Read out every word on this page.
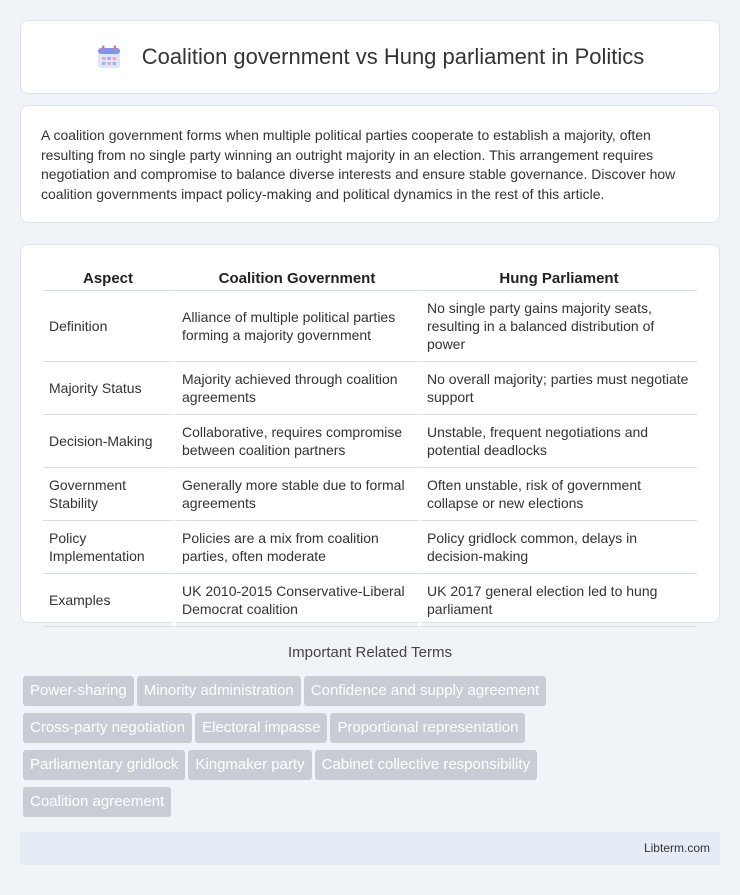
Coalition government vs Hung parliament in Politics

A coalition government forms when multiple political parties cooperate to establish a majority, often resulting from no single party winning an outright majority in an election. This arrangement requires negotiation and compromise to balance diverse interests and ensure stable governance. Discover how coalition governments impact policy-making and political dynamics in the rest of this article.

Aspect	Coalition Government	Hung Parliament
Definition	Alliance of multiple political parties forming a majority government	No single party gains majority seats, resulting in a balanced distribution of power
Majority Status	Majority achieved through coalition agreements	No overall majority; parties must negotiate support
Decision-Making	Collaborative, requires compromise between coalition partners	Unstable, frequent negotiations and potential deadlocks
Government Stability	Generally more stable due to formal agreements	Often unstable, risk of government collapse or new elections
Policy Implementation	Policies are a mix from coalition parties, often moderate	Policy gridlock common, delays in decision-making
Examples	UK 2010-2015 Conservative-Liberal Democrat coalition	UK 2017 general election led to hung parliament
Important Related Terms
Power-sharing Minority administration Confidence and supply agreement
Cross-party negotiation Electoral impasse Proportional representation
Parliamentary gridlock Kingmaker party Cabinet collective responsibility
Coalition agreement
Libterm.com
